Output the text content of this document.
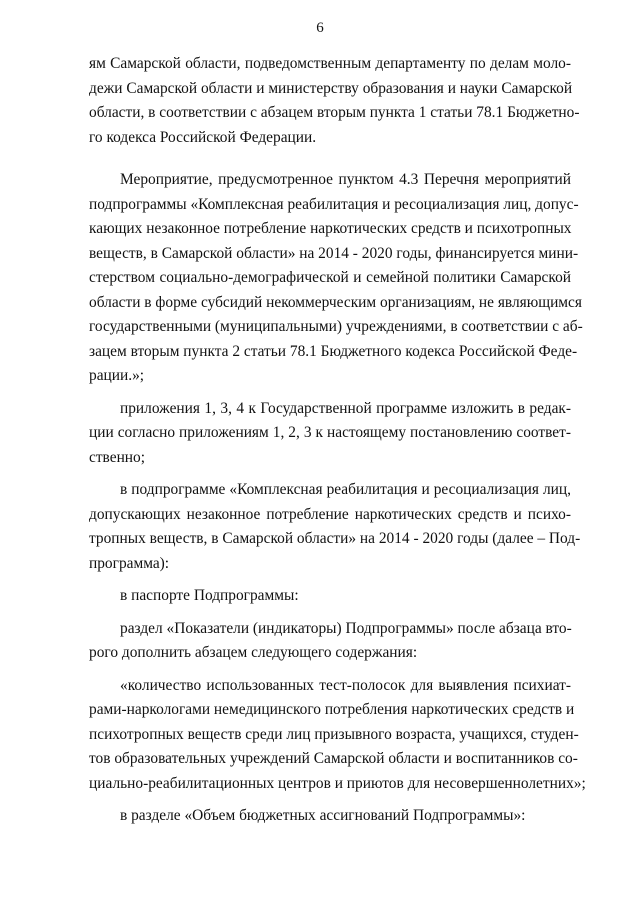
6
ям Самарской области, подведомственным департаменту по делам моло-
дежи Самарской области и министерству образования и науки Самарской
области, в соответствии с абзацем вторым пункта 1 статьи 78.1 Бюджетно-
го кодекса Российской Федерации.
Мероприятие, предусмотренное пунктом 4.3 Перечня мероприятий
подпрограммы «Комплексная реабилитация и ресоциализация лиц, допус-
кающих незаконное потребление наркотических средств и психотропных
веществ, в Самарской области» на 2014 - 2020 годы, финансируется мини-
стерством социально-демографической и семейной политики Самарской
области в форме субсидий некоммерческим организациям, не являющимся
государственными (муниципальными) учреждениями, в соответствии с аб-
зацем вторым пункта 2 статьи 78.1 Бюджетного кодекса Российской Феде-
рации.»;
приложения 1, 3, 4 к Государственной программе изложить в редак-
ции согласно приложениям 1, 2, 3 к настоящему постановлению соответ-
ственно;
в подпрограмме «Комплексная реабилитация и ресоциализация лиц,
допускающих незаконное потребление наркотических средств и психо-
тропных веществ, в Самарской области» на 2014 - 2020 годы (далее – Под-
программа):
в паспорте Подпрограммы:
раздел «Показатели (индикаторы) Подпрограммы» после абзаца вто-
рого дополнить абзацем следующего содержания:
«количество использованных тест-полосок для выявления психиат-
рами-наркологами немедицинского потребления наркотических средств и
психотропных веществ среди лиц призывного возраста, учащихся, студен-
тов образовательных учреждений Самарской области и воспитанников со-
циально-реабилитационных центров и приютов для несовершеннолетних»;
в разделе «Объем бюджетных ассигнований Подпрограммы»:
